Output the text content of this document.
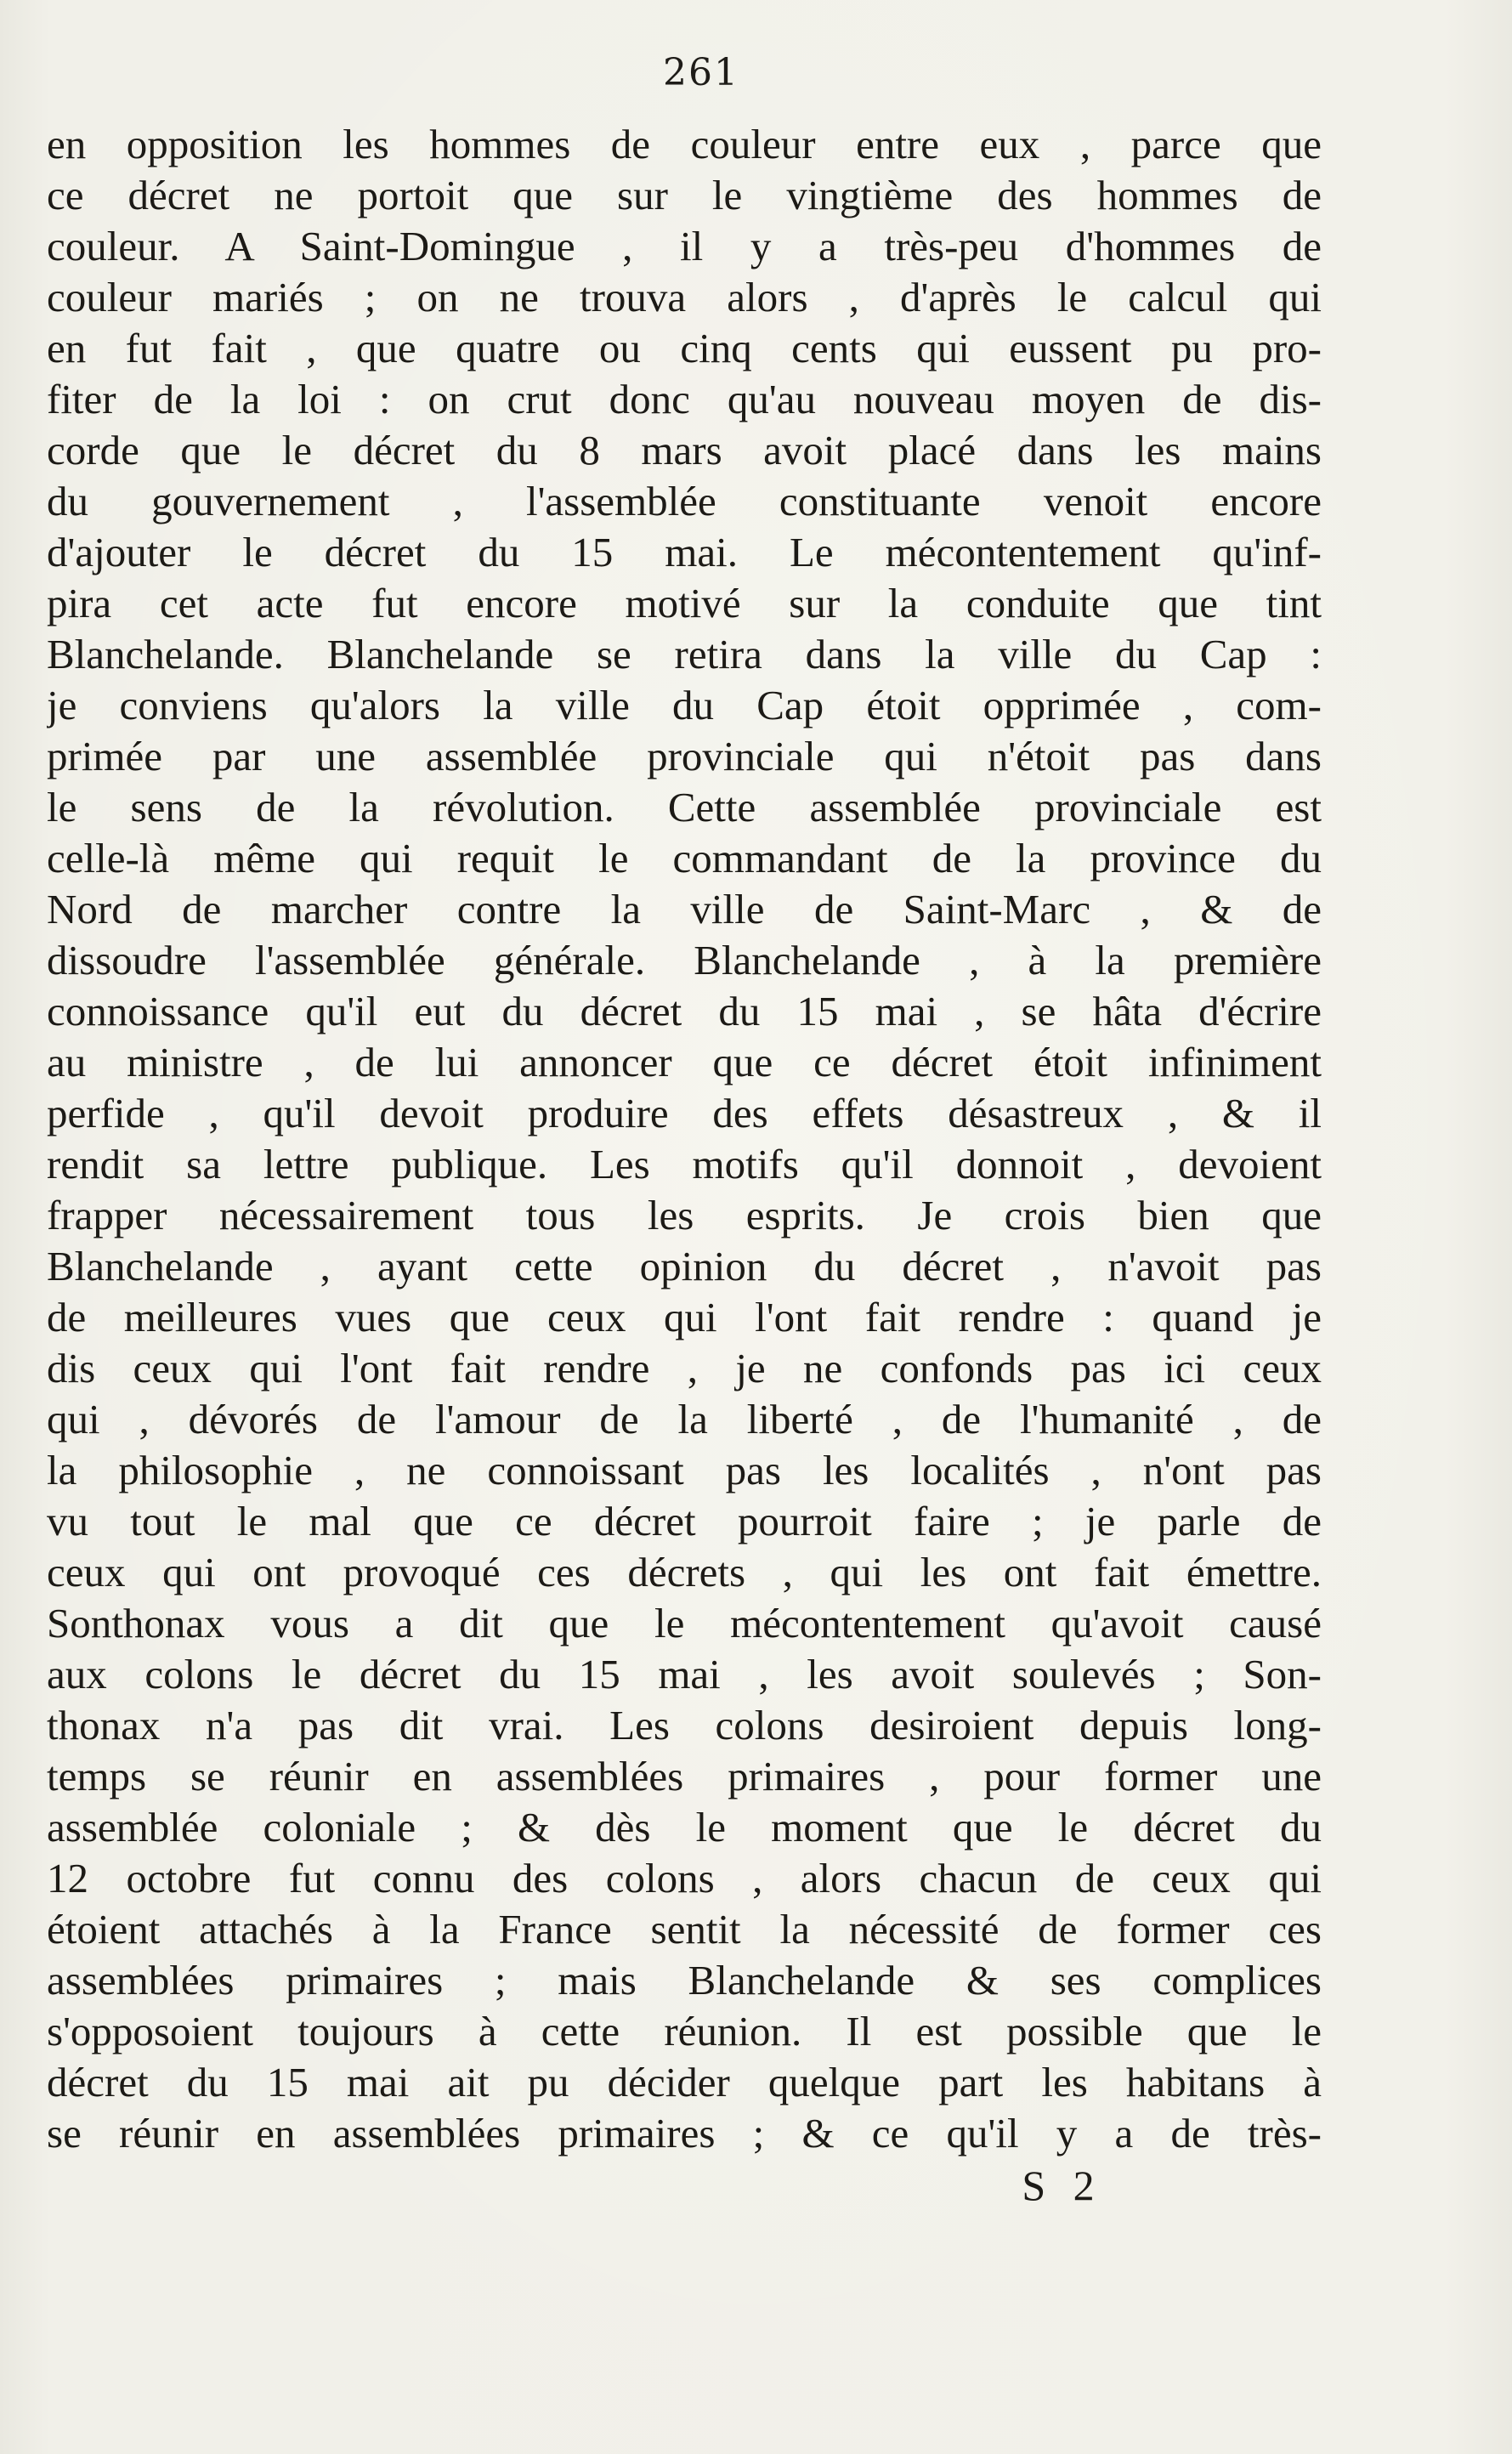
261
en opposition les hommes de couleur entre eux , parce que
ce décret ne portoit que sur le vingtième des hommes de
couleur. A Saint-Domingue , il y a très-peu d'hommes de
couleur mariés ; on ne trouva alors , d'après le calcul qui
en fut fait , que quatre ou cinq cents qui eussent pu pro-
fiter de la loi : on crut donc qu'au nouveau moyen de dis-
corde que le décret du 8 mars avoit placé dans les mains
du gouvernement , l'assemblée constituante venoit encore
d'ajouter le décret du 15 mai. Le mécontentement qu'inf-
pira cet acte fut encore motivé sur la conduite que tint
Blanchelande. Blanchelande se retira dans la ville du Cap :
je conviens qu'alors la ville du Cap étoit opprimée , com-
primée par une assemblée provinciale qui n'étoit pas dans
le sens de la révolution. Cette assemblée provinciale est
celle-là même qui requit le commandant de la province du
Nord de marcher contre la ville de Saint-Marc , & de
dissoudre l'assemblée générale. Blanchelande , à la première
connoissance qu'il eut du décret du 15 mai , se hâta d'écrire
au ministre , de lui annoncer que ce décret étoit infiniment
perfide , qu'il devoit produire des effets désastreux , & il
rendit sa lettre publique. Les motifs qu'il donnoit , devoient
frapper nécessairement tous les esprits. Je crois bien que
Blanchelande , ayant cette opinion du décret , n'avoit pas
de meilleures vues que ceux qui l'ont fait rendre : quand je
dis ceux qui l'ont fait rendre , je ne confonds pas ici ceux
qui , dévorés de l'amour de la liberté , de l'humanité , de
la philosophie , ne connoissant pas les localités , n'ont pas
vu tout le mal que ce décret pourroit faire ; je parle de
ceux qui ont provoqué ces décrets , qui les ont fait émettre.
Sonthonax vous a dit que le mécontentement qu'avoit causé
aux colons le décret du 15 mai , les avoit soulevés ; Son-
thonax n'a pas dit vrai. Les colons desiroient depuis long-
temps se réunir en assemblées primaires , pour former une
assemblée coloniale ; & dès le moment que le décret du
12 octobre fut connu des colons , alors chacun de ceux qui
étoient attachés à la France sentit la nécessité de former ces
assemblées primaires ; mais Blanchelande & ses complices
s'opposoient toujours à cette réunion. Il est possible que le
décret du 15 mai ait pu décider quelque part les habitans à
se réunir en assemblées primaires ; & ce qu'il y a de très-
S 2
